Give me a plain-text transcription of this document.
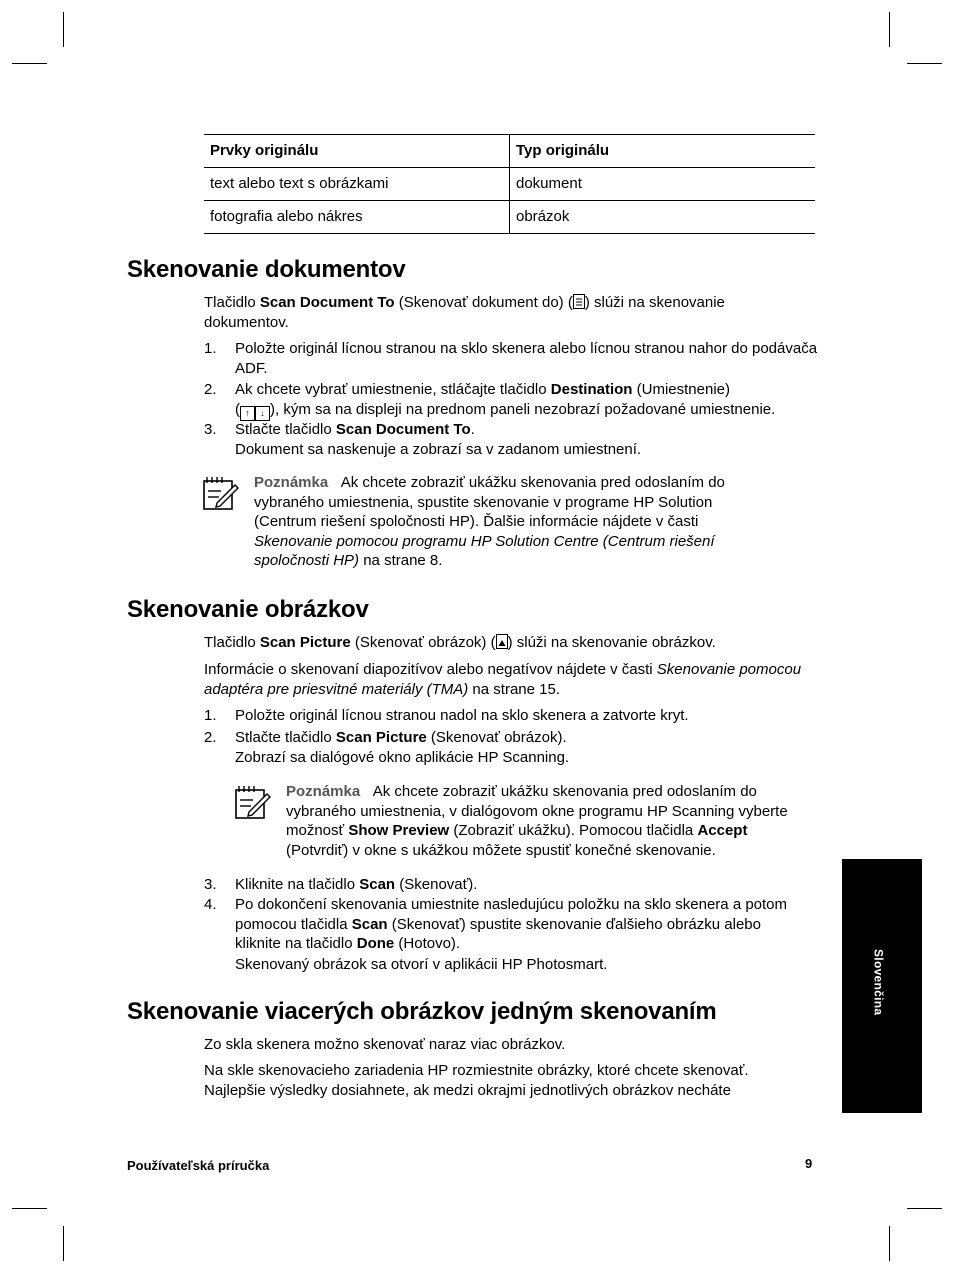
Prvky originálu	Typ originálu
text alebo text s obrázkami	dokument
fotografia alebo nákres	obrázok
Skenovanie dokumentov

Tlačidlo Scan Document To (Skenovať dokument do) ( ) slúži na skenovanie
dokumentov.

1. Položte originál lícnou stranou na sklo skenera alebo lícnou stranou nahor do podávača ADF.
2. Ak chcete vybrať umiestnenie, stláčajte tlačidlo Destination (Umiestnenie)
( ↑ ↓ ), kým sa na displeji na prednom paneli nezobrazí požadované umiestnenie.
3. Stlačte tlačidlo Scan Document To.

Dokument sa naskenuje a zobrazí sa v zadanom umiestnení.

Poznámka Ak chcete zobraziť ukážku skenovania pred odoslaním do vybraného umiestnenia, spustite skenovanie v programe HP Solution (Centrum riešení spoločnosti HP). Ďalšie informácie nájdete v časti Skenovanie pomocou programu HP Solution Centre (Centrum riešení spoločnosti HP) na strane 8.
Skenovanie obrázkov

Tlačidlo Scan Picture (Skenovať obrázok) ( ) slúži na skenovanie obrázkov.

Informácie o skenovaní diapozitívov alebo negatívov nájdete v časti Skenovanie pomocou adaptéra pre priesvitné materiály (TMA) na strane 15.

1. Položte originál lícnou stranou nadol na sklo skenera a zatvorte kryt.
2. Stlačte tlačidlo Scan Picture (Skenovať obrázok).

Zobrazí sa dialógové okno aplikácie HP Scanning.

Poznámka Ak chcete zobraziť ukážku skenovania pred odoslaním do vybraného umiestnenia, v dialógovom okne programu HP Scanning vyberte možnosť Show Preview (Zobraziť ukážku). Pomocou tlačidla Accept (Potvrdiť) v okne s ukážkou môžete spustiť konečné skenovanie.
3. Kliknite na tlačidlo Scan (Skenovať).
4. Po dokončení skenovania umiestnite nasledujúcu položku na sklo skenera a potom pomocou tlačidla Scan (Skenovať) spustite skenovanie ďalšieho obrázku alebo kliknite na tlačidlo Done (Hotovo).

Skenovaný obrázok sa otvorí v aplikácii HP Photosmart.

Skenovanie viacerých obrázkov jedným skenovaním

Zo skla skenera možno skenovať naraz viac obrázkov.

Na skle skenovacieho zariadenia HP rozmiestnite obrázky, ktoré chcete skenovať. Najlepšie výsledky dosiahnete, ak medzi okrajmi jednotlivých obrázkov necháte

Slovenčina
Používateľská príručka	9
